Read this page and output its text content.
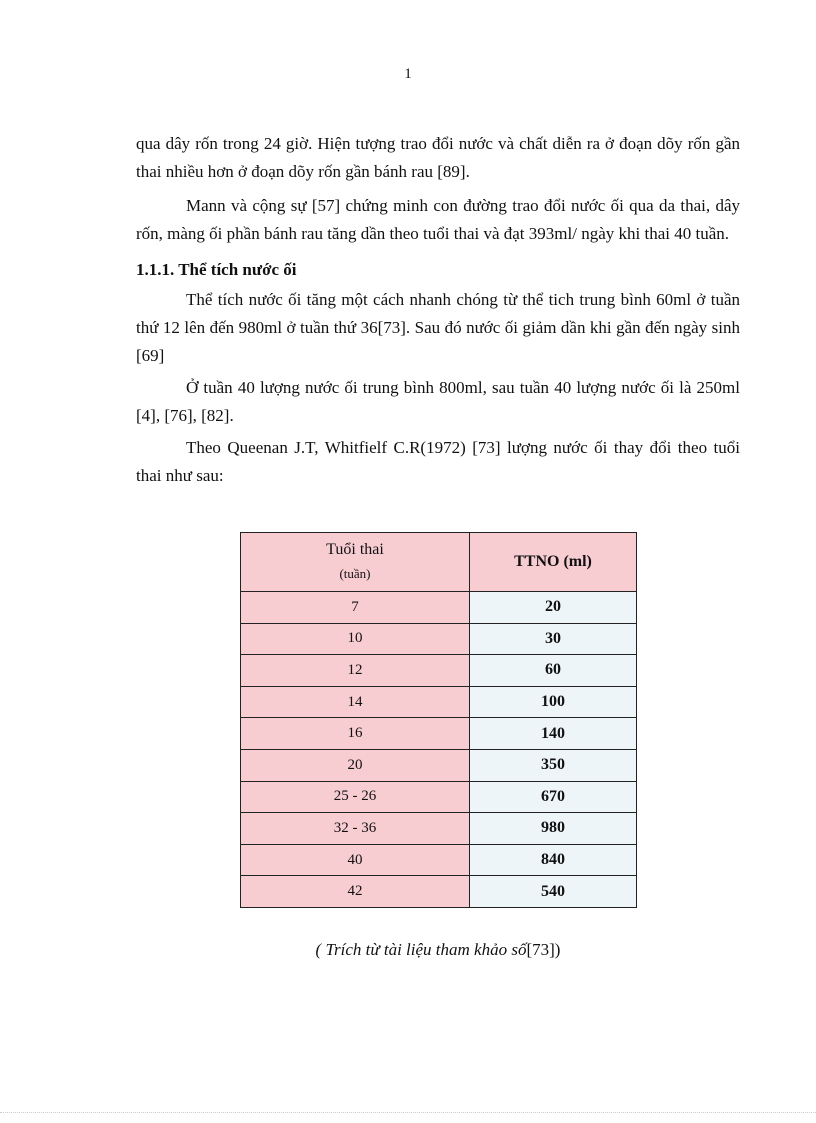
1

qua dây rốn trong 24 giờ. Hiện tượng trao đổi nước và chất diễn ra ở đoạn dõy rốn gần thai nhiều hơn ở đoạn dõy rốn gần bánh rau [89].

Mann và cộng sự [57] chứng minh con đường trao đổi nước ối qua da thai, dây rốn, màng ối phần bánh rau tăng dần theo tuổi thai và đạt 393ml/ ngày khi thai 40 tuần.

1.1.1. Thể tích nước ối

Thể tích nước ối tăng một cách nhanh chóng từ thể tich trung bình 60ml ở tuần thứ 12 lên đến 980ml ở tuần thứ 36[73]. Sau đó nước ối giảm dần khi gần đến ngày sinh [69]

Ở tuần 40 lượng nước ối trung bình 800ml, sau tuần 40 lượng nước ối là 250ml [4], [76], [82].

Theo Queenan J.T, Whitfielf C.R(1972) [73] lượng nước ối thay đổi theo tuổi thai như sau:

Tuổi thai
(tuần)	TTNO (ml)
7	20
10	30
12	60
14	100
16	140
20	350
25 - 26	670
32 - 36	980
40	840
42	540
( Trích từ tài liệu tham khảo số[73])
